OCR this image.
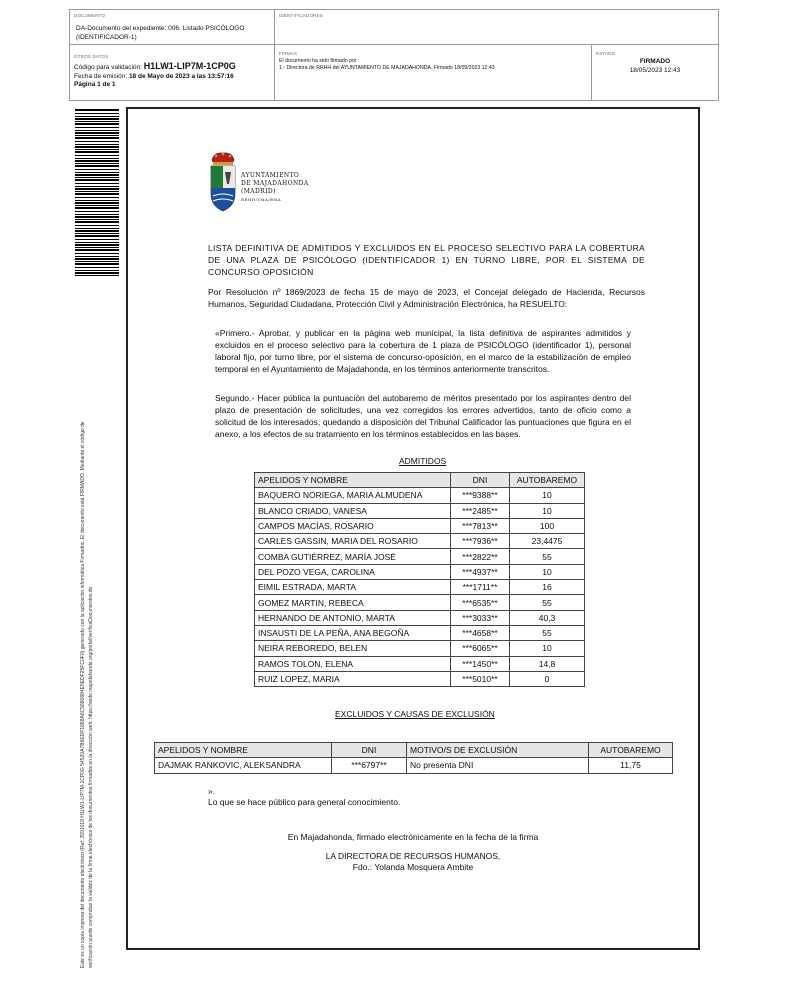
DOCUMENTO
DA-Documento del expediente: 006. Listado PSICÓLOGO (IDENTIFICADOR-1)
IDENTIFICADORES
OTROS DATOS
Código para validación: H1LW1-LIP7M-1CP0G
Fecha de emisión: 18 de Mayo de 2023 a las 13:57:16
Página 1 de 1
FIRMAS
El documento ha sido firmado por :
1.- Directora de RRHH del AYUNTAMIENTO DE MAJADAHONDA. Firmado 18/05/2023 12:43
ESTADO
FIRMADO
18/05/2023 12:43
Este es un copia impresa del documento electrónico (Ref: 2591019 H1LW1-LIP7M-1CP0G 54520A7B6EDF1888A8C5880884E5EDF25FC0F0) generado con la aplicación informática Firmadoc. El documento está FIRMADO. Mediante el código de verificación puede comprobar la validez de la firma electrónica de los documentos firmados en la dirección web: https://sede.majadahonda.org/portal/verificaDocumentos.do
AYUNTAMIENTO
DE MAJADAHONDA
(MADRID)
RRHH/YMA/BMA
LISTA DEFINITIVA DE ADMITIDOS Y EXCLUIDOS EN EL PROCESO SELECTIVO PARA LA COBERTURA DE UNA PLAZA DE PSICÓLOGO (IDENTIFICADOR 1) EN TURNO LIBRE, POR EL SISTEMA DE CONCURSO OPOSICIÓN
Por Resolución nº 1869/2023 de fecha 15 de mayo de 2023, el Concejal delegado de Hacienda, Recursos Humanos, Seguridad Ciudadana, Protección Civil y Administración Electrónica, ha RESUELTO:
«Primero.- Aprobar, y publicar en la página web municipal, la lista definitiva de aspirantes admitidos y excluidos en el proceso selectivo para la cobertura de 1 plaza de PSICÓLOGO (identificador 1), personal laboral fijo, por turno libre, por el sistema de concurso-oposición, en el marco de la estabilización de empleo temporal en el Ayuntamiento de Majadahonda, en los términos anteriormente transcritos.
Segundo.- Hacer pública la puntuación del autobaremo de méritos presentado por los aspirantes dentro del plazo de presentación de solicitudes, una vez corregidos los errores advertidos, tanto de oficio como a solicitud de los interesados, quedando a disposición del Tribunal Calificador las puntuaciones que figura en el anexo, a los efectos de su tratamiento en los términos establecidos en las bases.
ADMITIDOS
APELIDOS Y NOMBRE	DNI	AUTOBAREMO
BAQUERO NORIEGA, MARIA ALMUDENA	***9388**	10
BLANCO CRIADO, VANESA	***2485**	10
CAMPOS MACÍAS, ROSARIO	***7813**	100
CARLES GASSIN, MARIA DEL ROSARIO	***7936**	23,4475
COMBA GUTIÉRREZ, MARÍA JOSÉ	***2822**	55
DEL POZO VEGA, CAROLINA	***4937**	10
EIMIL ESTRADA, MARTA	***1711**	16
GOMEZ MARTIN, REBECA	***6535**	55
HERNANDO DE ANTONIO, MARTA	***3033**	40,3
INSAUSTI DE LA PEÑA, ANA BEGOÑA	***4658**	55
NEIRA REBOREDO, BELEN	***6065**	10
RAMOS TOLON, ELENA	***1450**	14,8
RUIZ LOPEZ, MARIA	***5010**	0
EXCLUIDOS Y CAUSAS DE EXCLUSIÓN
APELIDOS Y NOMBRE	DNI	MOTIVO/S DE EXCLUSIÓN	AUTOBAREMO
DAJMAK RANKOVIC, ALEKSANDRA	***6797**	No presenta DNI	11,75
».
Lo que se hace público para general conocimiento.
En Majadahonda, firmado electrónicamente en la fecha de la firma
LA DIRECTORA DE RECURSOS HUMANOS,
Fdo.: Yolanda Mosquera Ambite
